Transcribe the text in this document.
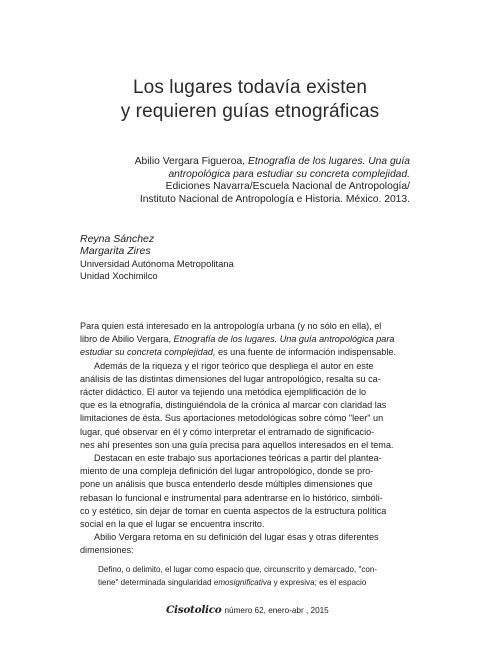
Los lugares todavía existen
y requieren guías etnográficas
Abilio Vergara Figueroa, Etnografía de los lugares. Una guía
antropológica para estudiar su concreta complejidad.
Ediciones Navarra/Escuela Nacional de Antropología/
Instituto Nacional de Antropología e Historia. México. 2013.
Reyna Sánchez
Margarita Zires
Universidad Autónoma Metropolitana
Unidad Xochimilco
Para quien está interesado en la antropología urbana (y no sólo en ella), el
libro de Abilio Vergara, Etnografía de los lugares. Una guía antropológica para
estudiar su concreta complejidad, es una fuente de información indispensable.
Además de la riqueza y el rigor teórico que despliega el autor en este
análisis de las distintas dimensiones del lugar antropológico, resalta su ca-
rácter didáctico. El autor va tejiendo una metódica ejemplificación de lo
que es la etnografía, distinguiéndola de la crónica al marcar con claridad las
limitaciones de ésta. Sus aportaciones metodológicas sobre cómo "leer" un
lugar, qué observar en él y cómo interpretar el entramado de significacio-
nes ahí presentes son una guía precisa para aquellos interesados en el tema.
Destacan en este trabajo sus aportaciones teóricas a partir del planteа-
miento de una compleja definición del lugar antropológico, donde se pro-
pone un análisis que busca entenderlo desde múltiples dimensiones que
rebasan lo funcional e instrumental para adentrarse en lo histórico, simbóli-
co y estético, sin dejar de tomar en cuenta aspectos de la estructura política
social en la que el lugar se encuentra inscrito.
Abilio Vergara retoma en su definición del lugar ésas y otras diferentes
dimensiones:
Defino, o delimito, el lugar como espacio que, circunscrito y demarcado, "con-
tiene" determinada singularidad emosignificativa y expresiva; es el espacio
Cisotolico número 62, enero-abr , 2015
